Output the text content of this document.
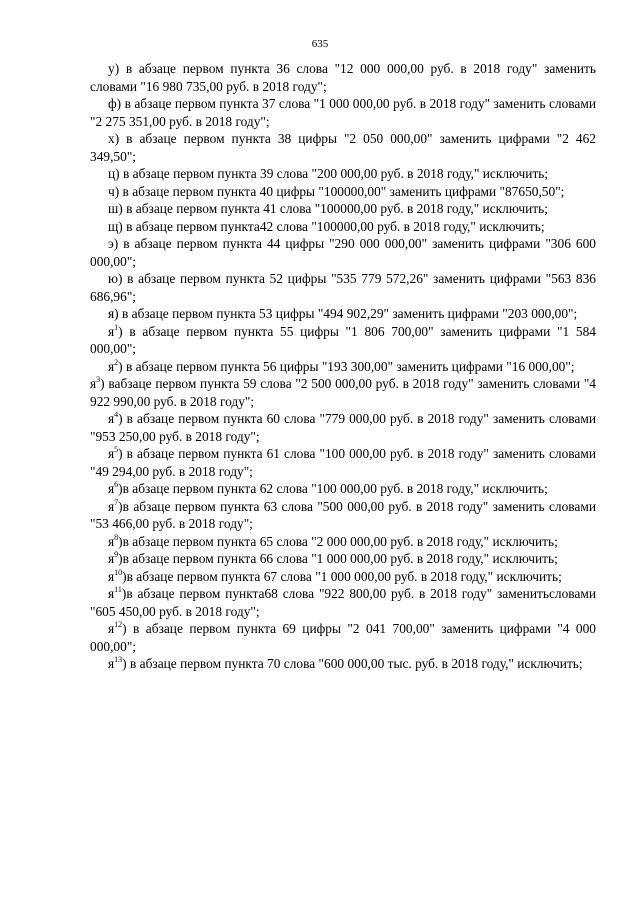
635

у) в абзаце первом пункта 36 слова "12 000 000,00 руб. в 2018 году" заменить словами "16 980 735,00 руб. в 2018 году";

ф) в абзаце первом пункта 37 слова "1 000 000,00 руб. в 2018 году" заменить словами "2 275 351,00 руб. в 2018 году";

х) в абзаце первом пункта 38 цифры "2 050 000,00" заменить цифрами "2 462 349,50";

ц) в абзаце первом пункта 39 слова "200 000,00 руб. в 2018 году," исключить;

ч) в абзаце первом пункта 40 цифры "100000,00" заменить цифрами "87650,50";

ш) в абзаце первом пункта 41 слова "100000,00 руб. в 2018 году," исключить;

щ) в абзаце первом пункта42 слова "100000,00 руб. в 2018 году," исключить;

э) в абзаце первом пункта 44 цифры "290 000 000,00" заменить цифрами "306 600 000,00";

ю) в абзаце первом пункта 52 цифры "535 779 572,26" заменить цифрами "563 836 686,96";

я) в абзаце первом пункта 53 цифры "494 902,29" заменить цифрами "203 000,00";

$я^1$) в абзаце первом пункта 55 цифры "1 806 700,00" заменить цифрами "1 584 000,00";

$я^2$) в абзаце первом пункта 56 цифры "193 300,00" заменить цифрами "16 000,00";

$я^3$) вабзаце первом пункта 59 слова "2 500 000,00 руб. в 2018 году" заменить словами "4 922 990,00 руб. в 2018 году";

$я^4$) в абзаце первом пункта 60 слова "779 000,00 руб. в 2018 году" заменить словами "953 250,00 руб. в 2018 году";

$я^5$) в абзаце первом пункта 61 слова "100 000,00 руб. в 2018 году" заменить словами "49 294,00 руб. в 2018 году";

$я^6)в$ абзаце первом пункта 62 слова "100 000,00 руб. в 2018 году," исключить;

$я^7)в$ абзаце первом пункта 63 слова "500 000,00 руб. в 2018 году" заменить словами "53 466,00 руб. в 2018 году";

$я^8)в$ абзаце первом пункта 65 слова "2 000 000,00 руб. в 2018 году," исключить;

$я^9)в$ абзаце первом пункта 66 слова "1 000 000,00 руб. в 2018 году," исключить;

$я^{10})в$ абзаце первом пункта 67 слова "1 000 000,00 руб. в 2018 году," исключить;

$я^{11})в$ абзаце первом пункта68 слова "922 800,00 руб. в 2018 году" заменитьсловами "605 450,00 руб. в 2018 году";

$я^{12}$) в абзаце первом пункта 69 цифры "2 041 700,00" заменить цифрами "4 000 000,00";

$я^{13}$) в абзаце первом пункта 70 слова "600 000,00 тыс. руб. в 2018 году," исключить;
